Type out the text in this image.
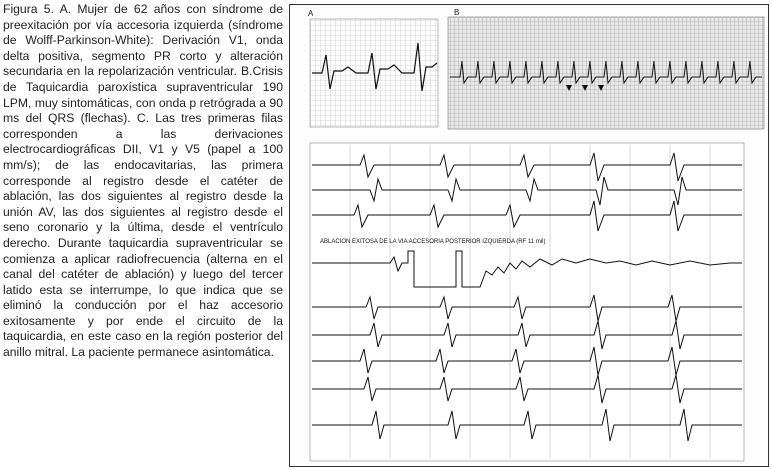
Figura 5. A. Mujer de 62 años con síndrome de preexitación por vía accesoria izquierda (síndrome de Wolff-Parkinson-White): Derivación V1, onda delta positiva, segmento PR corto y alteración secundaria en la repolarización ventricular. B.Crisis de Taquicardia paroxística supraventricular 190 LPM, muy sintomáticas, con onda p retrógrada a 90 ms del QRS (flechas). C. Las tres primeras filas corresponden a las derivaciones electrocardiográficas DII, V1 y V5 (papel a 100 mm/s); de las endocavitarias, las primera corresponde al registro desde el catéter de ablación, las dos siguientes al registro desde la unión AV, las dos siguientes al registro desde el seno coronario y la última, desde el ventrículo derecho. Durante taquicardia supraventricular se comienza a aplicar radiofrecuencia (alterna en el canal del catéter de ablación) y luego del tercer latido esta se interrumpe, lo que indica que se eliminó la conducción por el haz accesorio exitosamente y por ende el circuito de la taquicardia, en este caso en la región posterior del anillo mitral. La paciente permanece asintomática.
A	B
ABLACION EXITOSA DE LA VIA ACCESORIA POSTERIOR IZQUIERDA (RF 11 mil)
